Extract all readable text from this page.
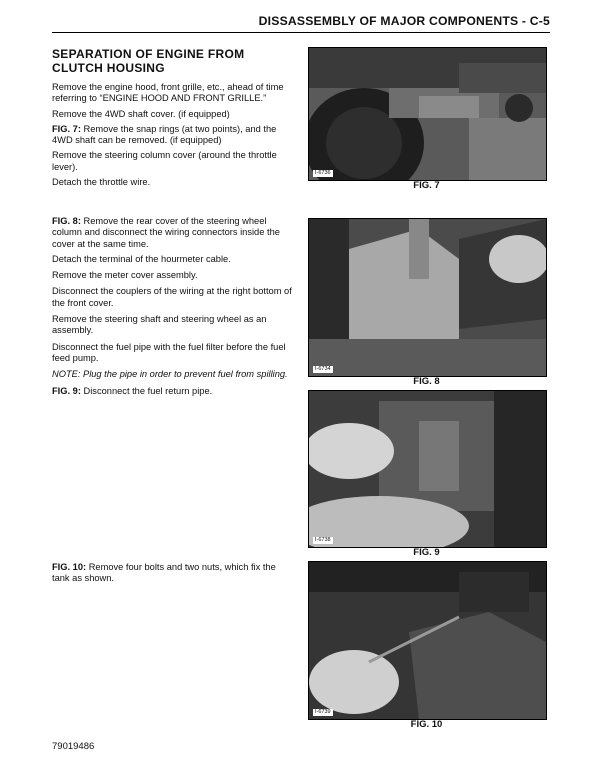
DISSASSEMBLY OF MAJOR COMPONENTS - C-5
SEPARATION OF ENGINE FROM CLUTCH HOUSING

Remove the engine hood, front grille, etc., ahead of time referring to “ENGINE HOOD AND FRONT GRILLE.”

Remove the 4WD shaft cover. (if equipped)

FIG. 7: Remove the snap rings (at two points), and the 4WD shaft can be removed. (if equipped)

Remove the steering column cover (around the throttle lever).

Detach the throttle wire.

FIG. 8: Remove the rear cover of the steering wheel column and disconnect the wiring connectors inside the cover at the same time.

Detach the terminal of the hourmeter cable.

Remove the meter cover assembly.

Disconnect the couplers of the wiring at the right bottom of the front cover.

Remove the steering shaft and steering wheel as an assembly.

Disconnect the fuel pipe with the fuel filter before the fuel feed pump.

NOTE: Plug the pipe in order to prevent fuel from spilling.

FIG. 9: Disconnect the fuel return pipe.

FIG. 10: Remove four bolts and two nuts, which fix the tank as shown.

I-6736
FIG. 7
I-6734
FIG. 8
I-6738
FIG. 9
I-6739
FIG. 10
79019486
